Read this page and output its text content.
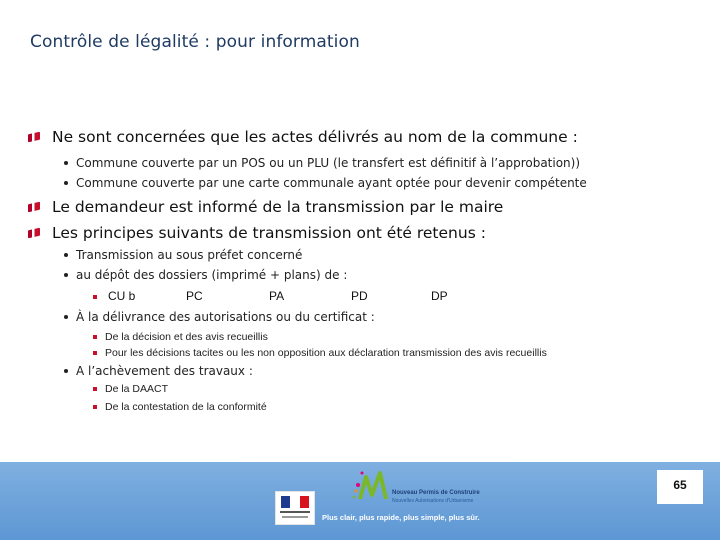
Contrôle de légalité : pour information
Ne sont concernées que les actes délivrés au nom de la commune :
Commune couverte par un POS ou un PLU (le transfert est définitif à l’approbation))
Commune couverte par une carte communale ayant optée pour devenir compétente
Le demandeur est informé de la transmission par le maire
Les principes suivants de transmission ont été retenus :
Transmission au sous préfet concerné
au dépôt des dossiers (imprimé + plans) de :
CU b	PC	PA	PD	DP
À la délivrance des autorisations ou du certificat :
De la décision et des avis recueillis
Pour les décisions tacites ou les non opposition aux déclaration transmission des avis recueillis
A l’achèvement des travaux :
De la DAACT
De la contestation de la conformité
Nouveau Permis de Construire
Nouvelles Autorisations d'Urbanisme
Plus clair, plus rapide, plus simple, plus sûr.
65
